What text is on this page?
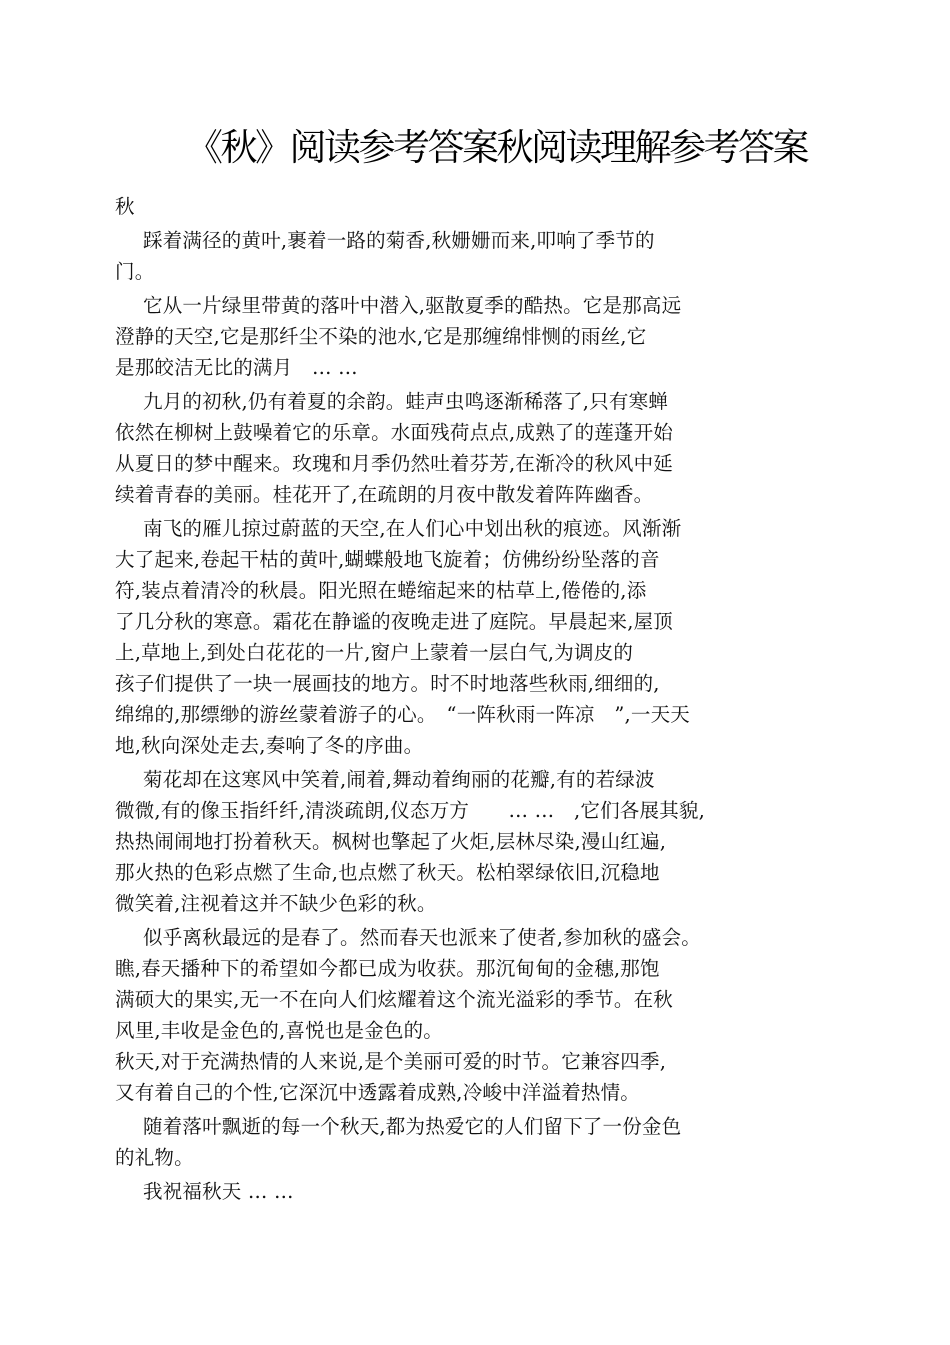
《秋》阅读参考答案秋阅读理解参考答案
秋
踩着满径的黄叶,裹着一路的菊香,秋姗姗而来,叩响了季节的
门。
它从一片绿里带黄的落叶中潜入,驱散夏季的酷热。它是那高远
澄静的天空,它是那纤尘不染的池水,它是那缠绵悱恻的雨丝,它
是那皎洁无比的满月　… …
九月的初秋,仍有着夏的余韵。蛙声虫鸣逐渐稀落了,只有寒蝉
依然在柳树上鼓噪着它的乐章。水面残荷点点,成熟了的莲蓬开始
从夏日的梦中醒来。玫瑰和月季仍然吐着芬芳,在渐冷的秋风中延
续着青春的美丽。桂花开了,在疏朗的月夜中散发着阵阵幽香。
南飞的雁儿掠过蔚蓝的天空,在人们心中划出秋的痕迹。风渐渐
大了起来,卷起干枯的黄叶,蝴蝶般地飞旋着；仿佛纷纷坠落的音
符,装点着清冷的秋晨。阳光照在蜷缩起来的枯草上,倦倦的,添
了几分秋的寒意。霜花在静谧的夜晚走进了庭院。早晨起来,屋顶
上,草地上,到处白花花的一片,窗户上蒙着一层白气,为调皮的
孩子们提供了一块一展画技的地方。时不时地落些秋雨,细细的,
绵绵的,那缥缈的游丝蒙着游子的心。　“一阵秋雨一阵凉　”,一天天
地,秋向深处走去,奏响了冬的序曲。
菊花却在这寒风中笑着,闹着,舞动着绚丽的花瓣,有的若绿波
微微,有的像玉指纤纤,清淡疏朗,仪态万方　　… …　,它们各展其貌,
热热闹闹地打扮着秋天。枫树也擎起了火炬,层林尽染,漫山红遍,
那火热的色彩点燃了生命,也点燃了秋天。松柏翠绿依旧,沉稳地
微笑着,注视着这并不缺少色彩的秋。
似乎离秋最远的是春了。然而春天也派来了使者,参加秋的盛会。
瞧,春天播种下的希望如今都已成为收获。那沉甸甸的金穗,那饱
满硕大的果实,无一不在向人们炫耀着这个流光溢彩的季节。在秋
风里,丰收是金色的,喜悦也是金色的。
秋天,对于充满热情的人来说,是个美丽可爱的时节。它兼容四季,
又有着自己的个性,它深沉中透露着成熟,冷峻中洋溢着热情。
随着落叶飘逝的每一个秋天,都为热爱它的人们留下了一份金色
的礼物。
我祝福秋天 … …
